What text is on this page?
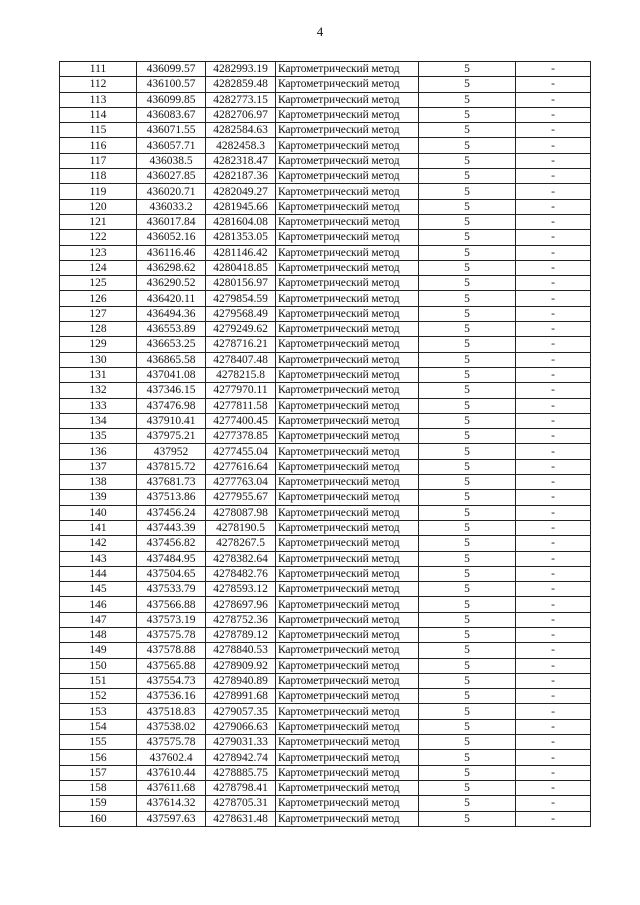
4
111	436099.57	4282993.19	Картометрический метод	5	-
112	436100.57	4282859.48	Картометрический метод	5	-
113	436099.85	4282773.15	Картометрический метод	5	-
114	436083.67	4282706.97	Картометрический метод	5	-
115	436071.55	4282584.63	Картометрический метод	5	-
116	436057.71	4282458.3	Картометрический метод	5	-
117	436038.5	4282318.47	Картометрический метод	5	-
118	436027.85	4282187.36	Картометрический метод	5	-
119	436020.71	4282049.27	Картометрический метод	5	-
120	436033.2	4281945.66	Картометрический метод	5	-
121	436017.84	4281604.08	Картометрический метод	5	-
122	436052.16	4281353.05	Картометрический метод	5	-
123	436116.46	4281146.42	Картометрический метод	5	-
124	436298.62	4280418.85	Картометрический метод	5	-
125	436290.52	4280156.97	Картометрический метод	5	-
126	436420.11	4279854.59	Картометрический метод	5	-
127	436494.36	4279568.49	Картометрический метод	5	-
128	436553.89	4279249.62	Картометрический метод	5	-
129	436653.25	4278716.21	Картометрический метод	5	-
130	436865.58	4278407.48	Картометрический метод	5	-
131	437041.08	4278215.8	Картометрический метод	5	-
132	437346.15	4277970.11	Картометрический метод	5	-
133	437476.98	4277811.58	Картометрический метод	5	-
134	437910.41	4277400.45	Картометрический метод	5	-
135	437975.21	4277378.85	Картометрический метод	5	-
136	437952	4277455.04	Картометрический метод	5	-
137	437815.72	4277616.64	Картометрический метод	5	-
138	437681.73	4277763.04	Картометрический метод	5	-
139	437513.86	4277955.67	Картометрический метод	5	-
140	437456.24	4278087.98	Картометрический метод	5	-
141	437443.39	4278190.5	Картометрический метод	5	-
142	437456.82	4278267.5	Картометрический метод	5	-
143	437484.95	4278382.64	Картометрический метод	5	-
144	437504.65	4278482.76	Картометрический метод	5	-
145	437533.79	4278593.12	Картометрический метод	5	-
146	437566.88	4278697.96	Картометрический метод	5	-
147	437573.19	4278752.36	Картометрический метод	5	-
148	437575.78	4278789.12	Картометрический метод	5	-
149	437578.88	4278840.53	Картометрический метод	5	-
150	437565.88	4278909.92	Картометрический метод	5	-
151	437554.73	4278940.89	Картометрический метод	5	-
152	437536.16	4278991.68	Картометрический метод	5	-
153	437518.83	4279057.35	Картометрический метод	5	-
154	437538.02	4279066.63	Картометрический метод	5	-
155	437575.78	4279031.33	Картометрический метод	5	-
156	437602.4	4278942.74	Картометрический метод	5	-
157	437610.44	4278885.75	Картометрический метод	5	-
158	437611.68	4278798.41	Картометрический метод	5	-
159	437614.32	4278705.31	Картометрический метод	5	-
160	437597.63	4278631.48	Картометрический метод	5	-
